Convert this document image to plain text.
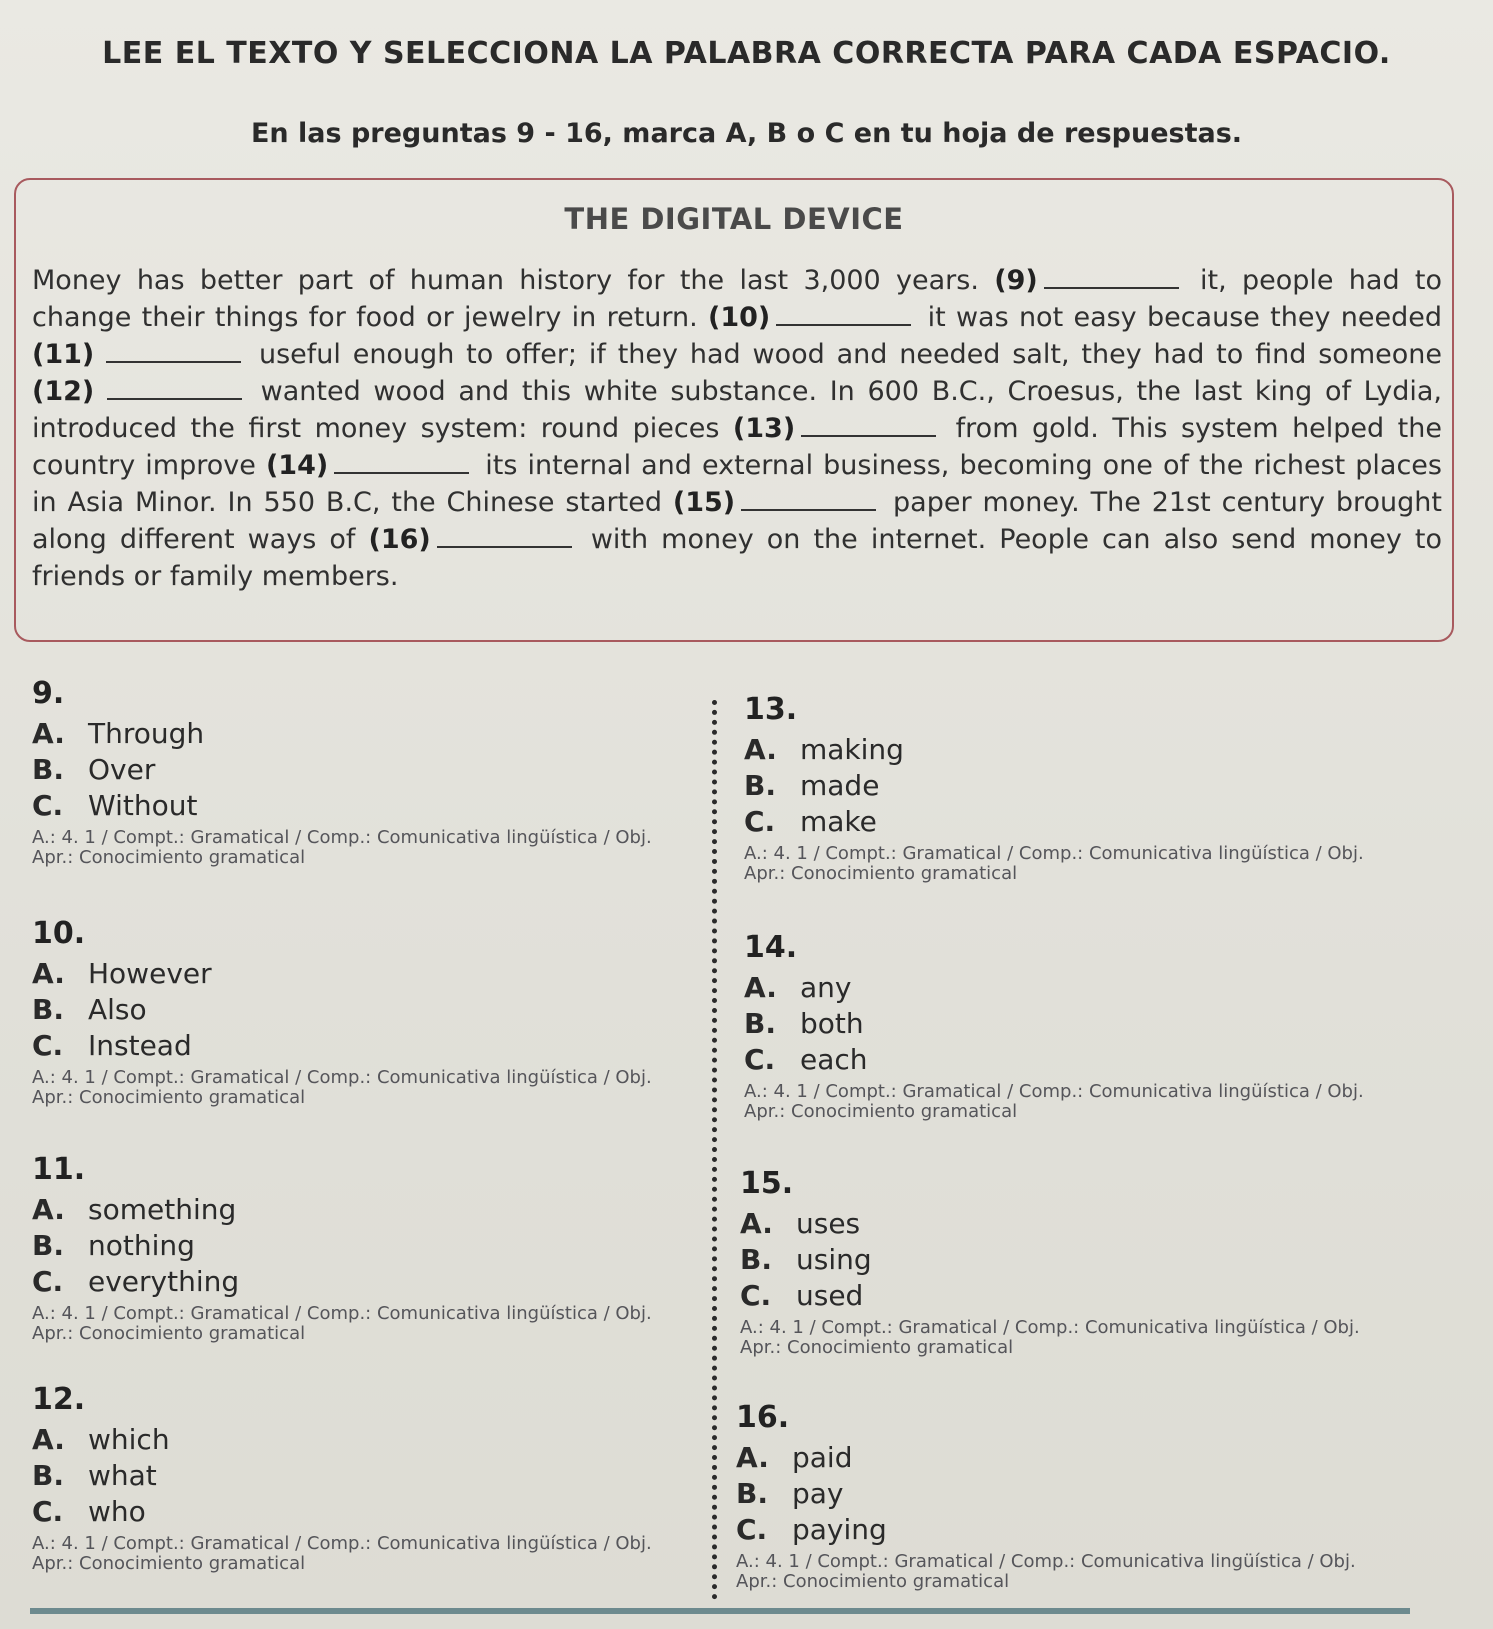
LEE EL TEXTO Y SELECCIONA LA PALABRA CORRECTA PARA CADA ESPACIO.
En las preguntas 9 - 16, marca A, B o C en tu hoja de respuestas.
THE DIGITAL DEVICE
Money has better part of human history for the last 3,000 years. (9)	it, people had to change their things for food or jewelry in return. (10)	it was not easy because they needed (11)	useful enough to offer; if they had wood and needed salt, they had to find someone (12)	wanted wood and this white substance. In 600 B.C., Croesus, the last king of Lydia, introduced the first money system: round pieces (13)	from gold. This system helped the country improve (14)	its internal and external business, becoming one of the richest places in Asia Minor. In 550 B.C, the Chinese started (15)	paper money. The 21st century brought along different ways of (16)	with money on the internet. People can also send money to friends or family members.
9.
A. Through
B. Over
C. Without
A.: 4. 1 / Compt.: Gramatical / Comp.: Comunicativa lingüística / Obj.
Apr.: Conocimiento gramatical
10.
A. However
B. Also
C. Instead
A.: 4. 1 / Compt.: Gramatical / Comp.: Comunicativa lingüística / Obj.
Apr.: Conocimiento gramatical
11.
A. something
B. nothing
C. everything
A.: 4. 1 / Compt.: Gramatical / Comp.: Comunicativa lingüística / Obj.
Apr.: Conocimiento gramatical
12.
A. which
B. what
C. who
A.: 4. 1 / Compt.: Gramatical / Comp.: Comunicativa lingüística / Obj.
Apr.: Conocimiento gramatical
13.
A. making
B. made
C. make
A.: 4. 1 / Compt.: Gramatical / Comp.: Comunicativa lingüística / Obj.
Apr.: Conocimiento gramatical
14.
A. any
B. both
C. each
A.: 4. 1 / Compt.: Gramatical / Comp.: Comunicativa lingüística / Obj.
Apr.: Conocimiento gramatical
15.
A. uses
B. using
C. used
A.: 4. 1 / Compt.: Gramatical / Comp.: Comunicativa lingüística / Obj.
Apr.: Conocimiento gramatical
16.
A. paid
B. pay
C. paying
A.: 4. 1 / Compt.: Gramatical / Comp.: Comunicativa lingüística / Obj.
Apr.: Conocimiento gramatical
